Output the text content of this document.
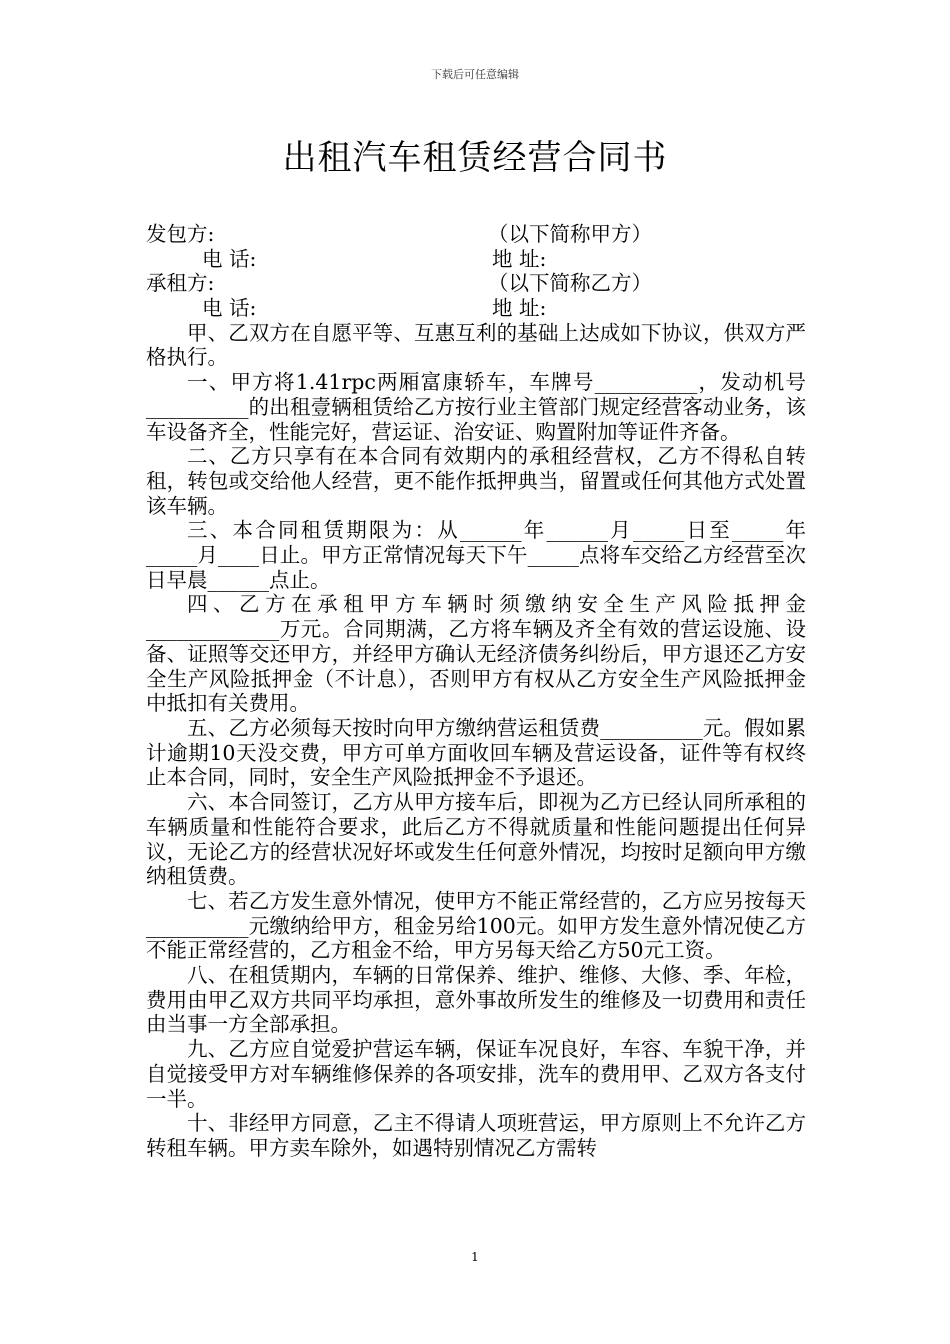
下载后可任意编辑
出租汽车租赁经营合同书
发包方:	（以下简称甲方）
电 话:	地 址:
承租方:	（以下简称乙方）
电 话:	地 址:

甲、乙双方在自愿平等、互惠互利的基础上达成如下协议，供双方严格执行。

一、甲方将1.41rpc两厢富康轿车，车牌号__________，发动机号__________的出租壹辆租赁给乙方按行业主管部门规定经营客动业务，该车设备齐全，性能完好，营运证、治安证、购置附加等证件齐备。

二、乙方只享有在本合同有效期内的承租经营权，乙方不得私自转租，转包或交给他人经营，更不能作抵押典当，留置或任何其他方式处置该车辆。

三、本合同租赁期限为：从______年______月_____日至_____年_____月____日止。甲方正常情况每天下午_____点将车交给乙方经营至次日早晨______点止。

四、乙方在承租甲方车辆时须缴纳安全生产风险抵押金_____________万元。合同期满，乙方将车辆及齐全有效的营运设施、设备、证照等交还甲方，并经甲方确认无经济债务纠纷后，甲方退还乙方安全生产风险抵押金（不计息），否则甲方有权从乙方安全生产风险抵押金中抵扣有关费用。

五、乙方必须每天按时向甲方缴纳营运租赁费__________元。假如累计逾期10天没交费，甲方可单方面收回车辆及营运设备，证件等有权终止本合同，同时，安全生产风险抵押金不予退还。

六、本合同签订，乙方从甲方接车后，即视为乙方已经认同所承租的车辆质量和性能符合要求，此后乙方不得就质量和性能问题提出任何异议，无论乙方的经营状况好坏或发生任何意外情况，均按时足额向甲方缴纳租赁费。

七、若乙方发生意外情况，使甲方不能正常经营的，乙方应另按每天__________元缴纳给甲方，租金另给100元。如甲方发生意外情况使乙方不能正常经营的，乙方租金不给，甲方另每天给乙方50元工资。

八、在租赁期内，车辆的日常保养、维护、维修、大修、季、年检，费用由甲乙双方共同平均承担，意外事故所发生的维修及一切费用和责任由当事一方全部承担。

九、乙方应自觉爱护营运车辆，保证车况良好，车容、车貌干净，并自觉接受甲方对车辆维修保养的各项安排，洗车的费用甲、乙双方各支付一半。

十、非经甲方同意，乙主不得请人项班营运，甲方原则上不允许乙方转租车辆。甲方卖车除外，如遇特别情况乙方需转

1
